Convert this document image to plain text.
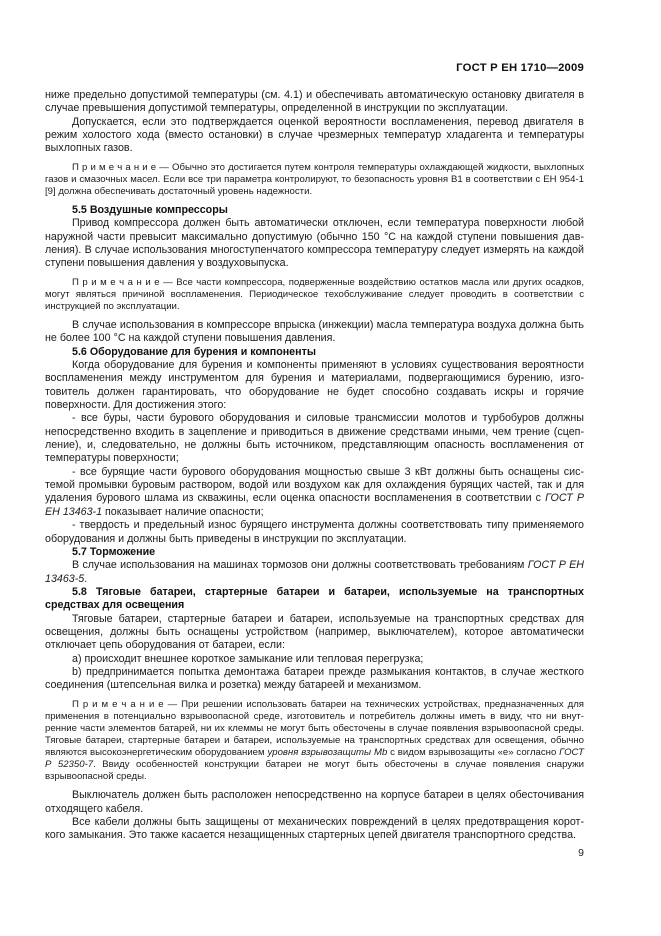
ГОСТ Р ЕН 1710—2009

ниже предельно допустимой температуры (см. 4.1) и обеспечивать автоматическую остановку двигателя в случае превышения допустимой температуры, определенной в инструкции по эксплуатации.

Допускается, если это подтверждается оценкой вероятности воспламенения, перевод двигателя в режим холостого хода (вместо остановки) в случае чрезмерных температур хладагента и температуры выхлопных газов.

П р и м е ч а н и е — Обычно это достигается путем контроля температуры охлаждающей жидкости, выхлопных газов и смазочных масел. Если все три параметра контролируют, то безопасность уровня В1 в соответствии с ЕН 954-1 [9] должна обеспечивать достаточный уровень надежности.

5.5 Воздушные компрессоры

Привод компрессора должен быть автоматически отключен, если температура поверхности любой наружной части превысит максимально допустимую (обычно 150 °С на каждой ступени повышения давления). В случае использования многоступенчатого компрессора температуру следует измерять на каждой ступени повышения давления у воздуховыпуска.

П р и м е ч а н и е — Все части компрессора, подверженные воздействию остатков масла или других осадков, могут являться причиной воспламенения. Периодическое техобслуживание следует проводить в соответствии с инструкцией по эксплуатации.

В случае использования в компрессоре впрыска (инжекции) масла температура воздуха должна быть не более 100 °С на каждой ступени повышения давления.

5.6 Оборудование для бурения и компоненты

Когда оборудование для бурения и компоненты применяют в условиях существования вероятности воспламенения между инструментом для бурения и материалами, подвергающимися бурению, изготовитель должен гарантировать, что оборудование не будет способно создавать искры и горячие поверхности. Для достижения этого:

- все буры, части бурового оборудования и силовые трансмиссии молотов и турбобуров должны непосредственно входить в зацепление и приводиться в движение средствами иными, чем трение (сцепление), и, следовательно, не должны быть источником, представляющим опасность воспламенения от температуры поверхности;

- все бурящие части бурового оборудования мощностью свыше 3 кВт должны быть оснащены системой промывки буровым раствором, водой или воздухом как для охлаждения бурящих частей, так и для удаления бурового шлама из скважины, если оценка опасности воспламенения в соответствии с ГОСТ Р ЕН 13463-1 показывает наличие опасности;

- твердость и предельный износ бурящего инструмента должны соответствовать типу применяемого оборудования и должны быть приведены в инструкции по эксплуатации.

5.7 Торможение

В случае использования на машинах тормозов они должны соответствовать требованиям ГОСТ Р ЕН 13463-5.

5.8 Тяговые батареи, стартерные батареи и батареи, используемые на транспортных средствах для освещения

Тяговые батареи, стартерные батареи и батареи, используемые на транспортных средствах для освещения, должны быть оснащены устройством (например, выключателем), которое автоматически отключает цепь оборудования от батареи, если:

a) происходит внешнее короткое замыкание или тепловая перегрузка;

b) предпринимается попытка демонтажа батареи прежде размыкания контактов, в случае жесткого соединения (штепсельная вилка и розетка) между батареей и механизмом.

П р и м е ч а н и е — При решении использовать батареи на технических устройствах, предназначенных для применения в потенциально взрывоопасной среде, изготовитель и потребитель должны иметь в виду, что ни внутренние части элементов батарей, ни их клеммы не могут быть обесточены в случае появления взрывоопасной среды. Тяговые батареи, стартерные батареи и батареи, используемые на транспортных средствах для освещения, обычно являются высокоэнергетическим оборудованием уровня взрывозащиты Mb с видом взрывозащиты «е» согласно ГОСТ Р 52350-7. Ввиду особенностей конструкции батареи не могут быть обесточены в случае появления снаружи взрывоопасной среды.

Выключатель должен быть расположен непосредственно на корпусе батареи в целях обесточивания отходящего кабеля.

Все кабели должны быть защищены от механических повреждений в целях предотвращения короткого замыкания. Это также касается незащищенных стартерных цепей двигателя транспортного средства.

9
